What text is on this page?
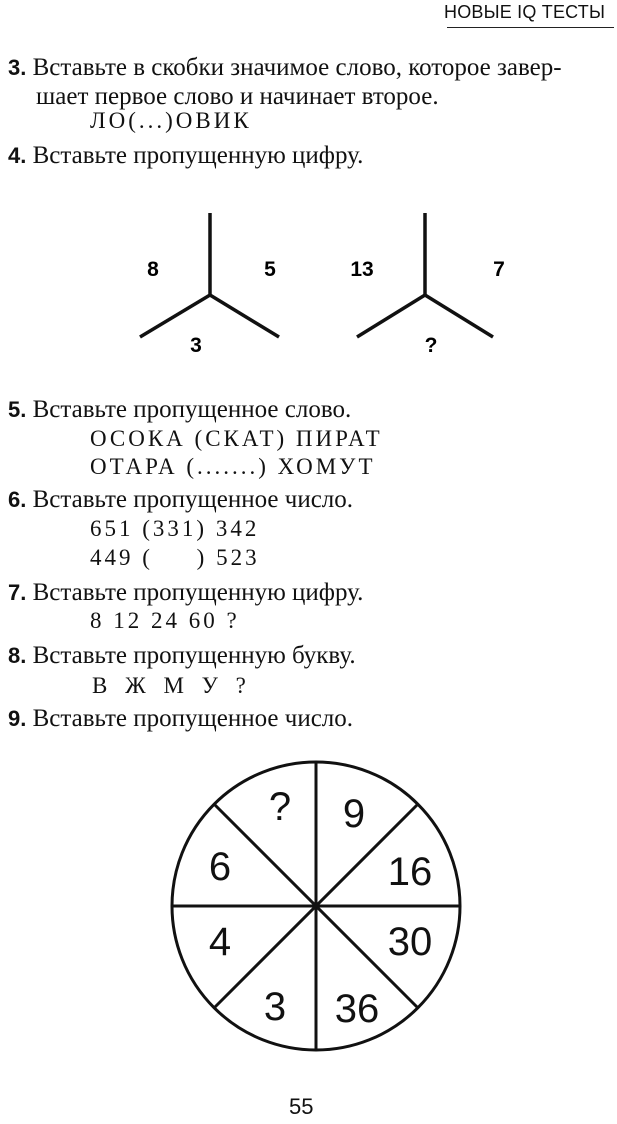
НОВЫЕ IQ ТЕСТЫ
3. Вставьте в скобки значимое слово, которое завер-
шает первое слово и начинает второе.
ЛО(...)ОВИК
4. Вставьте пропущенную цифру.
8	5
3
13	7
?
9
16
30
36
3
4
6
?
5. Вставьте пропущенное слово.
ОСОКА (СКАТ) ПИРАТ
ОТАРА (.......) ХОМУТ
6. Вставьте пропущенное число.
651 (331) 342
449 (     ) 523
7. Вставьте пропущенную цифру.
8 12 24 60 ?
8. Вставьте пропущенную букву.
В Ж М У ?
9. Вставьте пропущенное число.
55
